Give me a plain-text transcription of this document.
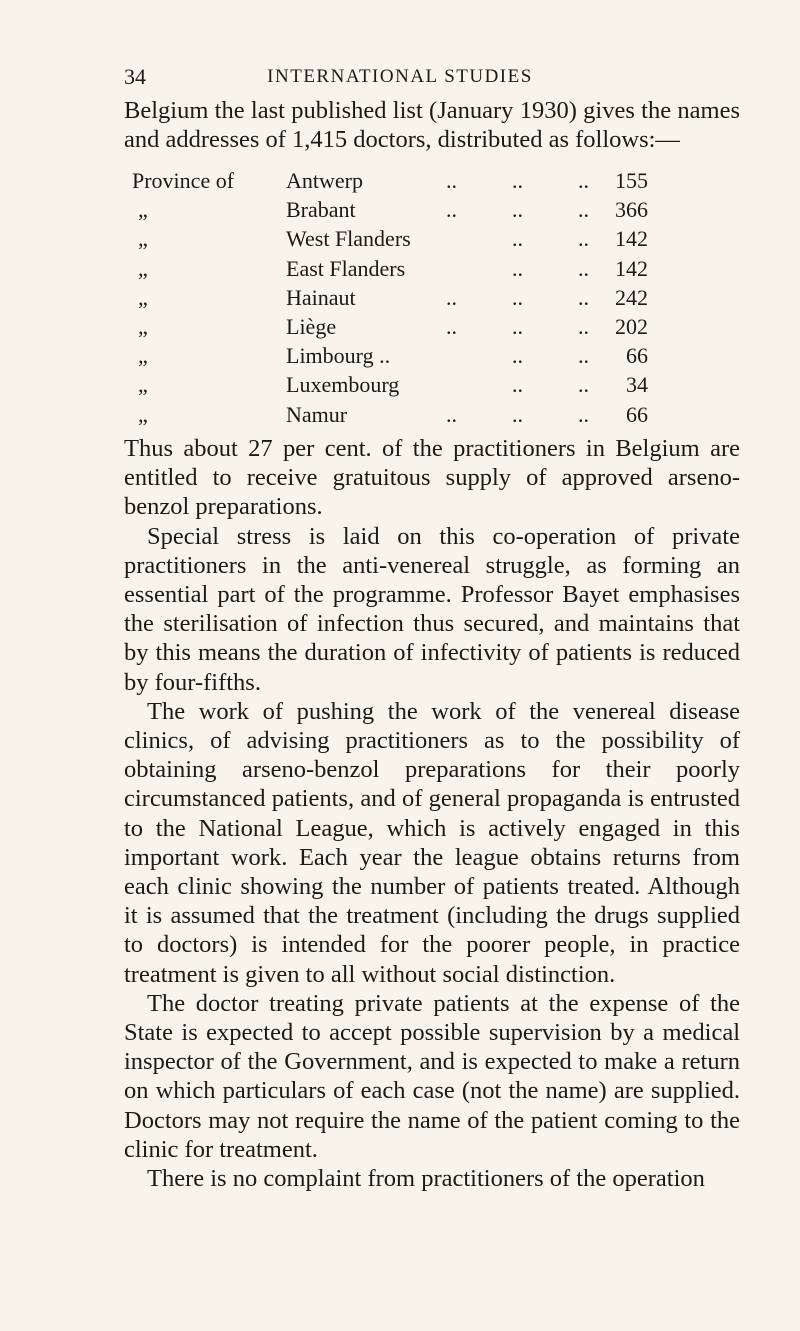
34	INTERNATIONAL STUDIES

Belgium the last published list (January 1930) gives the names and addresses of 1,415 doctors, distributed as follows:—

Province of	Antwerp	..	..	..	155
„	Brabant	..	..	..	366
„	West Flanders		..	..	142
„	East Flanders		..	..	142
„	Hainaut	..	..	..	242
„	Liège	..	..	..	202
„	Limbourg ..		..	..	66
„	Luxembourg		..	..	34
„	Namur	..	..	..	66

Thus about 27 per cent. of the practitioners in Belgium are entitled to receive gratuitous supply of approved arseno-benzol preparations.

Special stress is laid on this co-operation of private practitioners in the anti-venereal struggle, as forming an essential part of the programme. Professor Bayet emphasises the sterilisation of infection thus secured, and maintains that by this means the duration of infectivity of patients is reduced by four-fifths.

The work of pushing the work of the venereal disease clinics, of advising practitioners as to the possibility of obtaining arseno-benzol preparations for their poorly circumstanced patients, and of general propaganda is entrusted to the National League, which is actively engaged in this important work. Each year the league obtains returns from each clinic showing the number of patients treated. Although it is assumed that the treatment (including the drugs supplied to doctors) is intended for the poorer people, in practice treatment is given to all without social distinction.

The doctor treating private patients at the expense of the State is expected to accept possible supervision by a medical inspector of the Government, and is expected to make a return on which particulars of each case (not the name) are supplied. Doctors may not require the name of the patient coming to the clinic for treatment.

There is no complaint from practitioners of the operation
